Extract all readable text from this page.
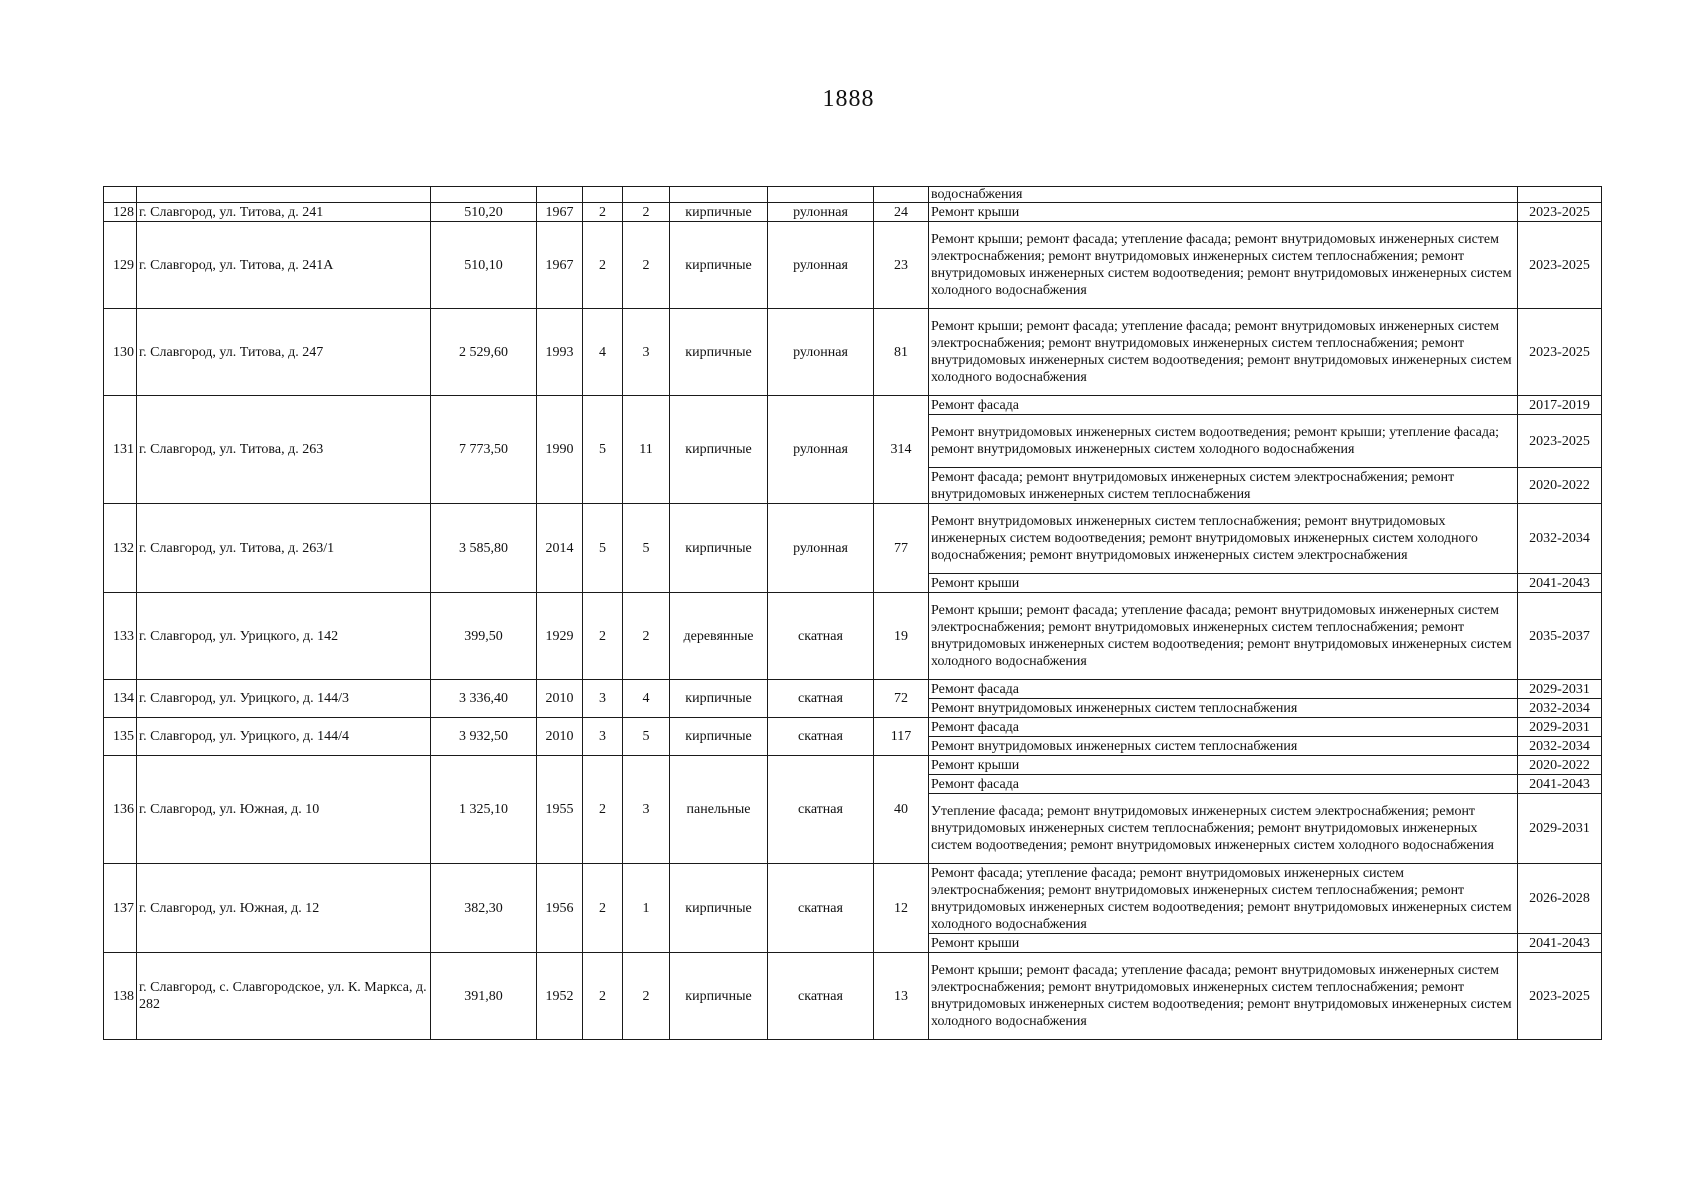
1888
									водоснабжения	
128	г. Славгород, ул. Титова, д. 241	510,20	1967	2	2	кирпичные	рулонная	24	Ремонт крыши	2023-2025
129	г. Славгород, ул. Титова, д. 241А	510,10	1967	2	2	кирпичные	рулонная	23	Ремонт крыши; ремонт фасада; утепление фасада; ремонт внутридомовых инженерных систем электроснабжения; ремонт внутридомовых инженерных систем теплоснабжения; ремонт внутридомовых инженерных систем водоотведения; ремонт внутридомовых инженерных систем холодного водоснабжения	2023-2025
130	г. Славгород, ул. Титова, д. 247	2 529,60	1993	4	3	кирпичные	рулонная	81	Ремонт крыши; ремонт фасада; утепление фасада; ремонт внутридомовых инженерных систем электроснабжения; ремонт внутридомовых инженерных систем теплоснабжения; ремонт внутридомовых инженерных систем водоотведения; ремонт внутридомовых инженерных систем холодного водоснабжения	2023-2025
131	г. Славгород, ул. Титова, д. 263	7 773,50	1990	5	11	кирпичные	рулонная	314	Ремонт фасада	2017-2019
									Ремонт внутридомовых инженерных систем водоотведения; ремонт крыши; утепление фасада; ремонт внутридомовых инженерных систем холодного водоснабжения	2023-2025
									Ремонт фасада; ремонт внутридомовых инженерных систем электроснабжения; ремонт внутридомовых инженерных систем теплоснабжения	2020-2022
132	г. Славгород, ул. Титова, д. 263/1	3 585,80	2014	5	5	кирпичные	рулонная	77	Ремонт внутридомовых инженерных систем теплоснабжения; ремонт внутридомовых инженерных систем водоотведения; ремонт внутридомовых инженерных систем холодного водоснабжения; ремонт внутридомовых инженерных систем электроснабжения	2032-2034
									Ремонт крыши	2041-2043
133	г. Славгород, ул. Урицкого, д. 142	399,50	1929	2	2	деревянные	скатная	19	Ремонт крыши; ремонт фасада; утепление фасада; ремонт внутридомовых инженерных систем электроснабжения; ремонт внутридомовых инженерных систем теплоснабжения; ремонт внутридомовых инженерных систем водоотведения; ремонт внутридомовых инженерных систем холодного водоснабжения	2035-2037
134	г. Славгород, ул. Урицкого, д. 144/3	3 336,40	2010	3	4	кирпичные	скатная	72	Ремонт фасада	2029-2031
									Ремонт внутридомовых инженерных систем теплоснабжения	2032-2034
135	г. Славгород, ул. Урицкого, д. 144/4	3 932,50	2010	3	5	кирпичные	скатная	117	Ремонт фасада	2029-2031
									Ремонт внутридомовых инженерных систем теплоснабжения	2032-2034
136	г. Славгород, ул. Южная, д. 10	1 325,10	1955	2	3	панельные	скатная	40	Ремонт крыши	2020-2022
									Ремонт фасада	2041-2043
									Утепление фасада; ремонт внутридомовых инженерных систем электроснабжения; ремонт внутридомовых инженерных систем теплоснабжения; ремонт внутридомовых инженерных систем водоотведения; ремонт внутридомовых инженерных систем холодного водоснабжения	2029-2031
137	г. Славгород, ул. Южная, д. 12	382,30	1956	2	1	кирпичные	скатная	12	Ремонт фасада; утепление фасада; ремонт внутридомовых инженерных систем электроснабжения; ремонт внутридомовых инженерных систем теплоснабжения; ремонт внутридомовых инженерных систем водоотведения; ремонт внутридомовых инженерных систем холодного водоснабжения	2026-2028
									Ремонт крыши	2041-2043
138	г. Славгород, с. Славгородское, ул. К. Маркса, д. 282	391,80	1952	2	2	кирпичные	скатная	13	Ремонт крыши; ремонт фасада; утепление фасада; ремонт внутридомовых инженерных систем электроснабжения; ремонт внутридомовых инженерных систем теплоснабжения; ремонт внутридомовых инженерных систем водоотведения; ремонт внутридомовых инженерных систем холодного водоснабжения	2023-2025
